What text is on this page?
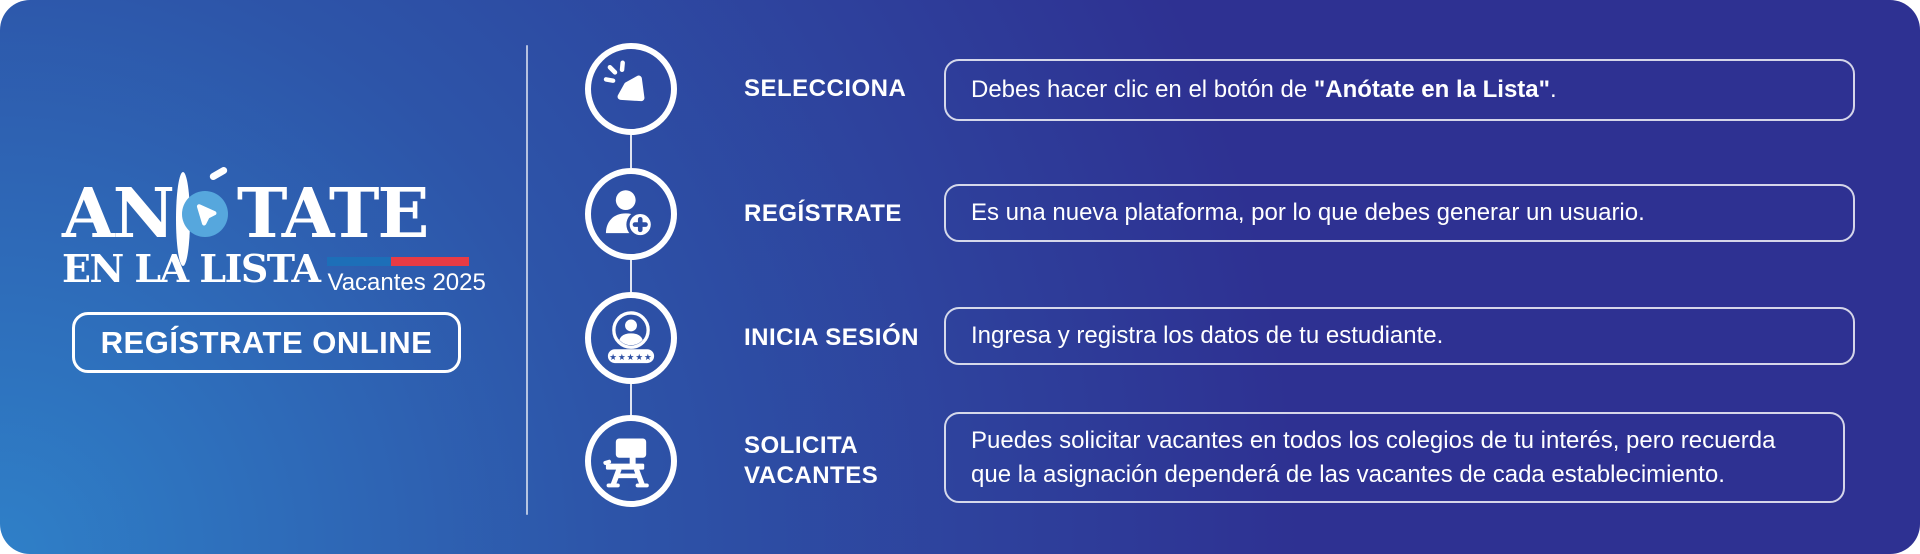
AN TATE
EN LA LISTA Vacantes 2025
REGÍSTRATE ONLINE
SELECCIONA	Debes hacer clic en el botón de "Anótate en la Lista".
REGÍSTRATE	Es una nueva plataforma, por lo que debes generar un usuario.
★★★★★
INICIA SESIÓN Ingresa y registra los datos de tu estudiante.
SOLICITA VACANTES
Puedes solicitar vacantes en todos los colegios de tu interés, pero recuerda que la asignación dependerá de las vacantes de cada establecimiento.
